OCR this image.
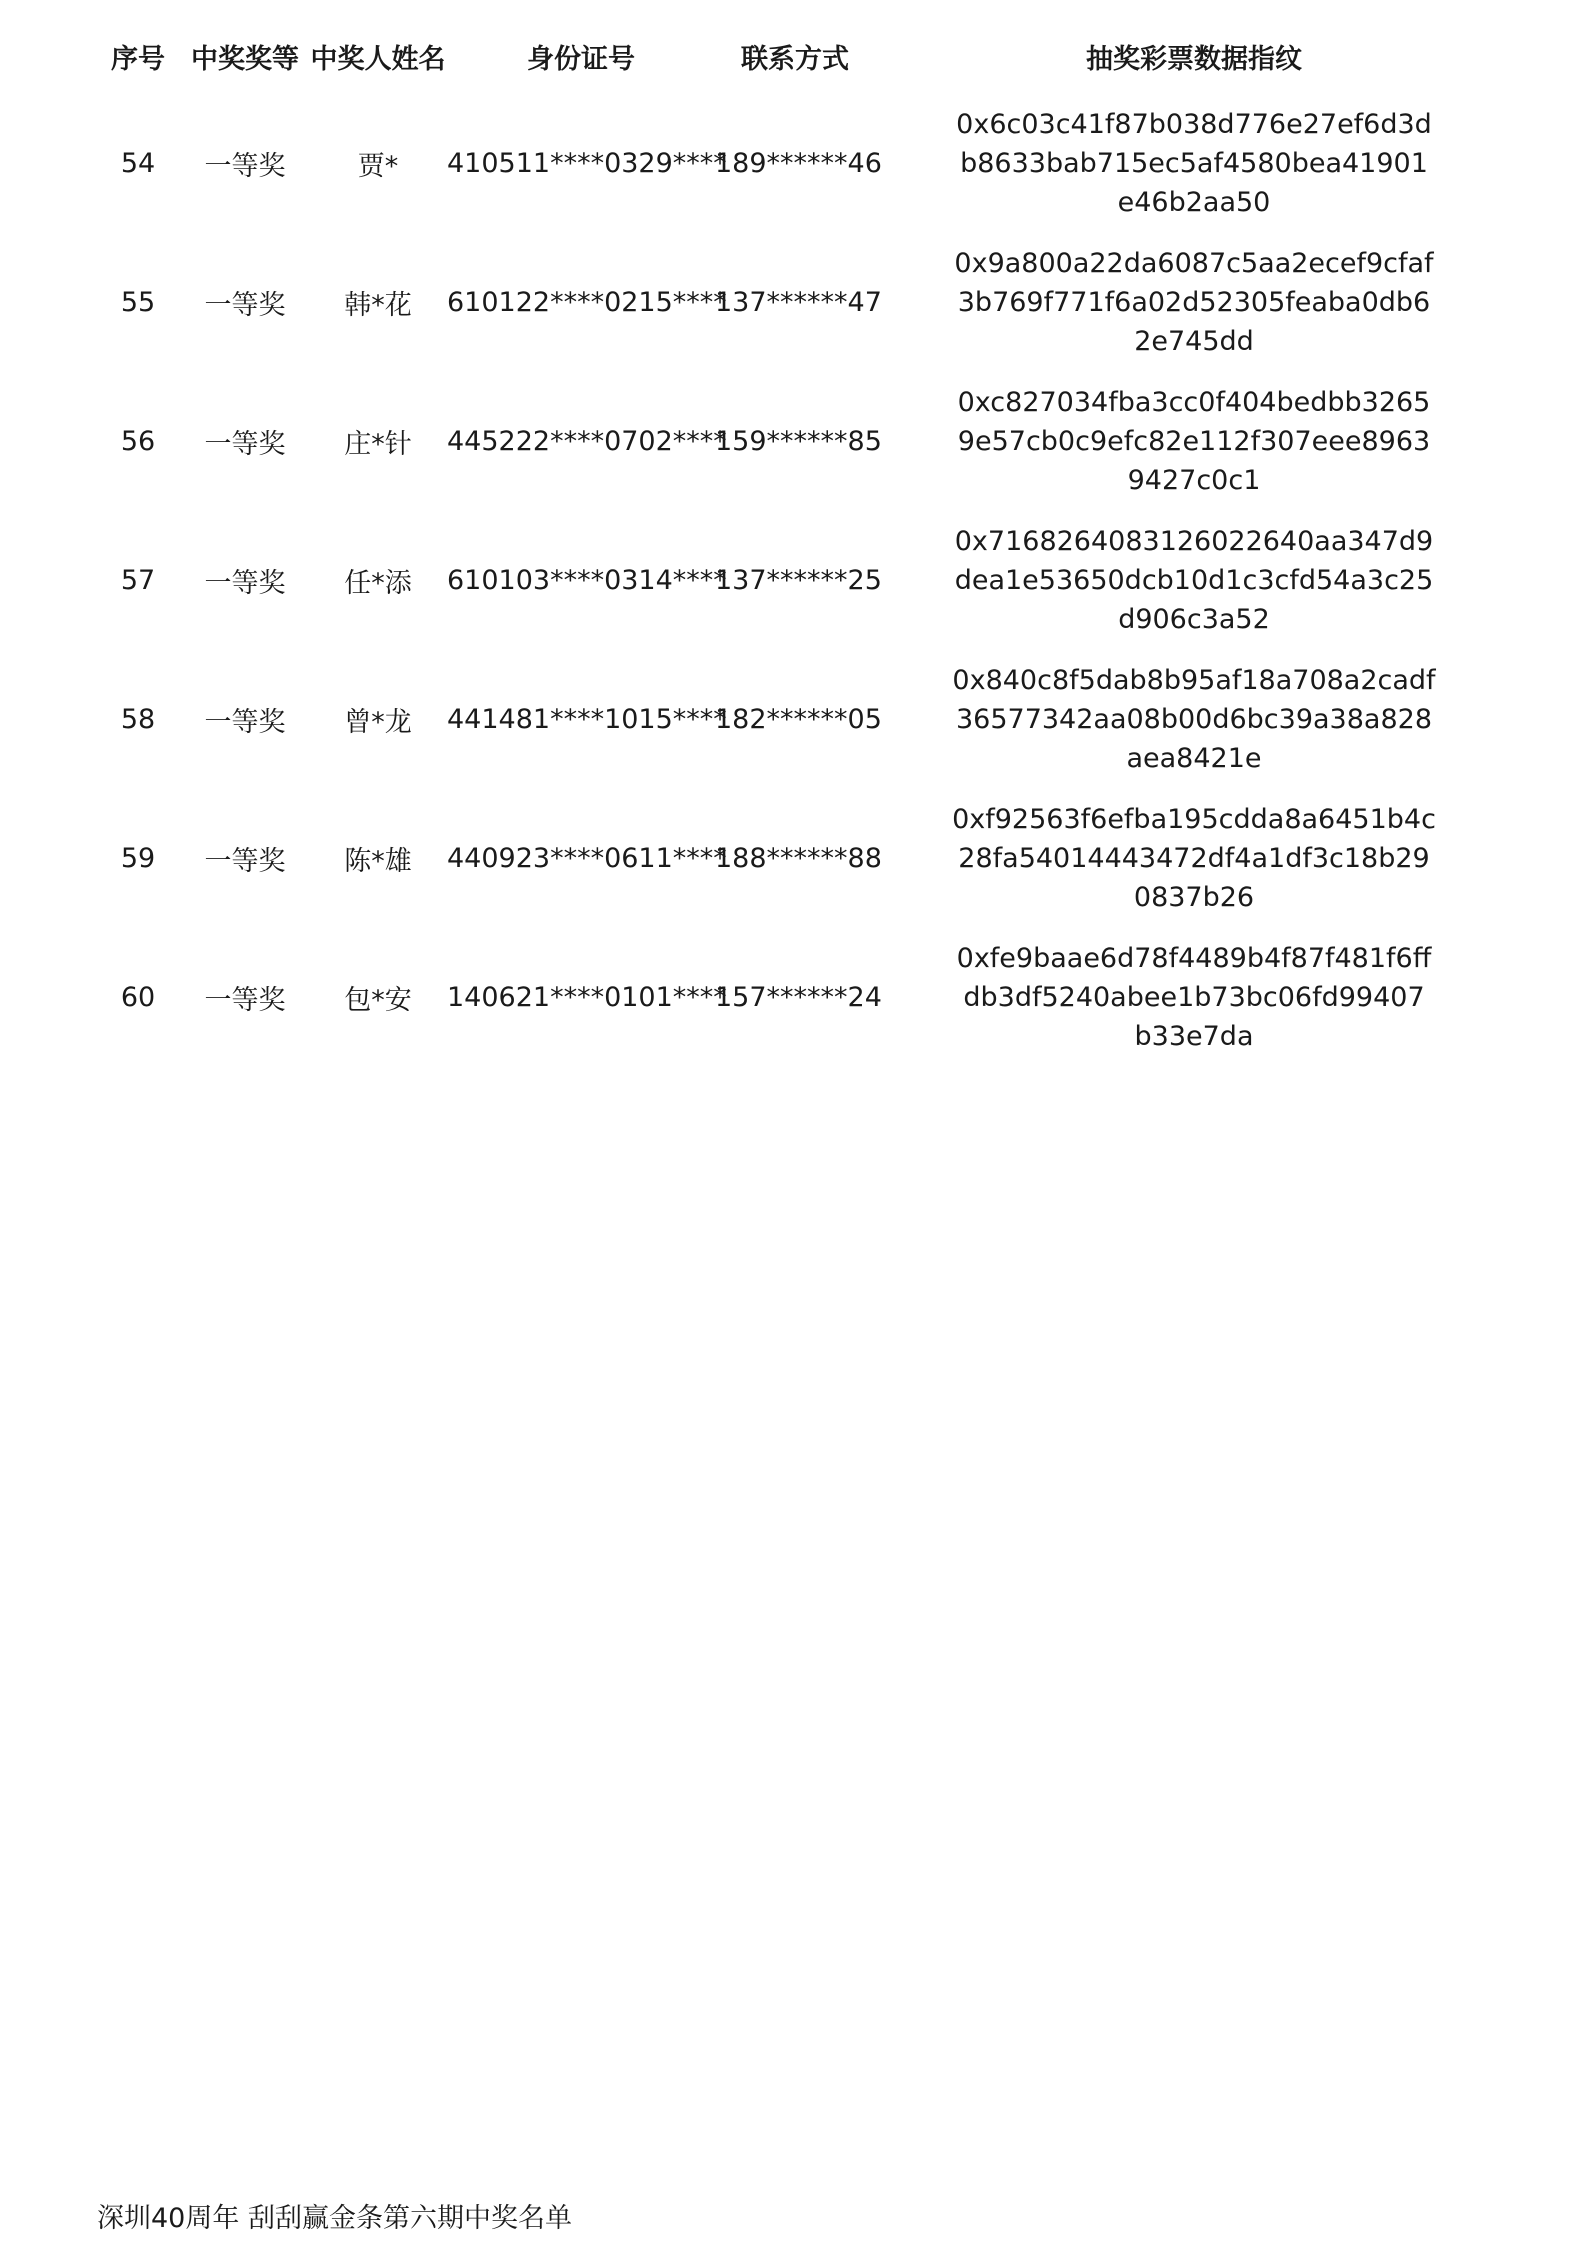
序号	中奖奖等	中奖人姓名	身份证号	联系方式	抽奖彩票数据指纹
54	一等奖	贾*	410511****0329****	189******46	0x6c03c41f87b038d776e27ef6d3d
b8633bab715ec5af4580bea41901
e46b2aa50

55	一等奖	韩*花	610122****0215****	137******47	0x9a800a22da6087c5aa2ecef9cfaf
3b769f771f6a02d52305feaba0db6
2e745dd

56	一等奖	庄*针	445222****0702****	159******85	0xc827034fba3cc0f404bedbb3265
9e57cb0c9efc82e112f307eee8963
9427c0c1

57	一等奖	任*添	610103****0314****	137******25	0x7168264083126022640aa347d9
dea1e53650dcb10d1c3cfd54a3c25
d906c3a52

58	一等奖	曾*龙	441481****1015****	182******05	0x840c8f5dab8b95af18a708a2cadf
36577342aa08b00d6bc39a38a828
aea8421e

59	一等奖	陈*雄	440923****0611****	188******88	0xf92563f6efba195cdda8a6451b4c
28fa54014443472df4a1df3c18b29
0837b26

60	一等奖	包*安	140621****0101****	157******24	0xfe9baae6d78f4489b4f87f481f6ff
db3df5240abee1b73bc06fd99407
b33e7da
深圳40周年 刮刮赢金条第六期中奖名单
